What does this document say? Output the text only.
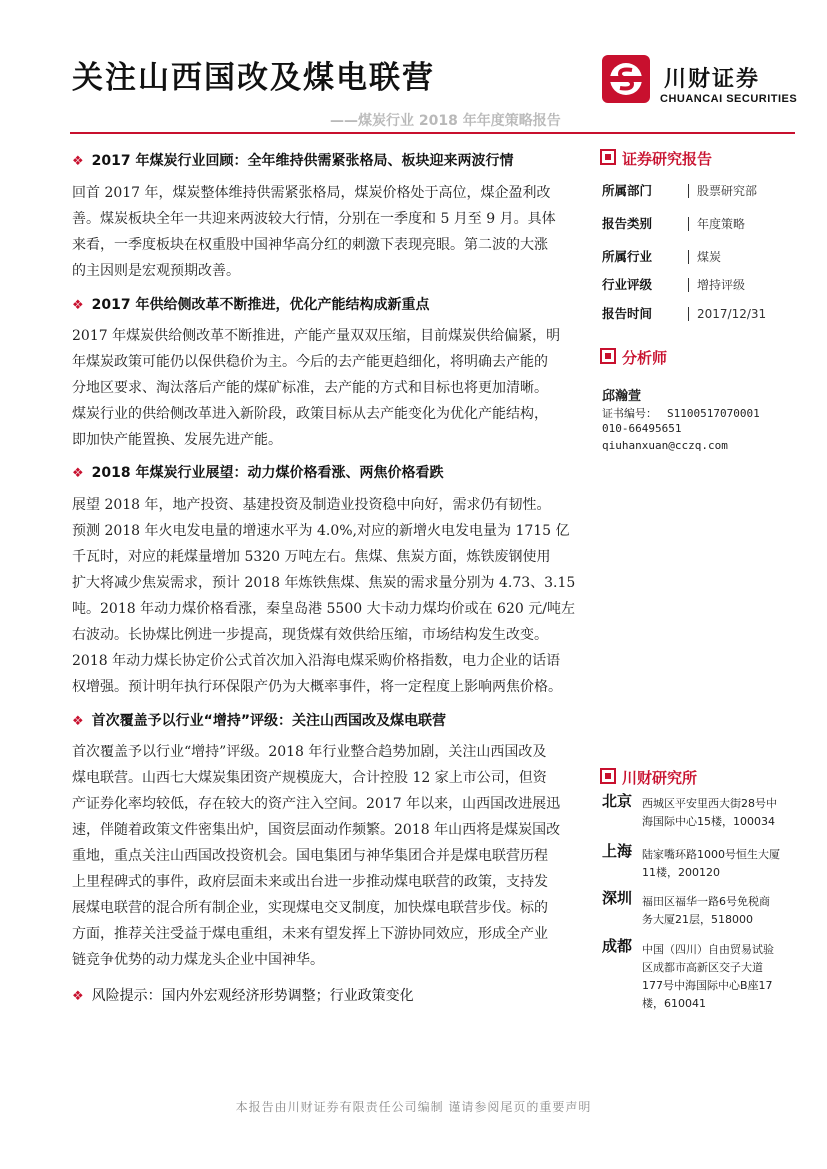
关注山西国改及煤电联营
——煤炭行业 2018 年年度策略报告
川财证券
CHUANCAI SECURITIES
❖ 2017 年煤炭行业回顾：全年维持供需紧张格局、板块迎来两波行情
回首 2017 年，煤炭整体维持供需紧张格局，煤炭价格处于高位，煤企盈利改
善。煤炭板块全年一共迎来两波较大行情，分别在一季度和 5 月至 9 月。具体
来看，一季度板块在权重股中国神华高分红的刺激下表现亮眼。第二波的大涨
的主因则是宏观预期改善。
❖ 2017 年供给侧改革不断推进，优化产能结构成新重点
2017 年煤炭供给侧改革不断推进，产能产量双双压缩，目前煤炭供给偏紧，明
年煤炭政策可能仍以保供稳价为主。今后的去产能更趋细化，将明确去产能的
分地区要求、淘汰落后产能的煤矿标准，去产能的方式和目标也将更加清晰。
煤炭行业的供给侧改革进入新阶段，政策目标从去产能变化为优化产能结构，
即加快产能置换、发展先进产能。
❖ 2018 年煤炭行业展望：动力煤价格看涨、两焦价格看跌
展望 2018 年，地产投资、基建投资及制造业投资稳中向好，需求仍有韧性。
预测 2018 年火电发电量的增速水平为 4.0%,对应的新增火电发电量为 1715 亿
千瓦时，对应的耗煤量增加 5320 万吨左右。焦煤、焦炭方面，炼铁废钢使用
扩大将减少焦炭需求，预计 2018 年炼铁焦煤、焦炭的需求量分别为 4.73、3.15
吨。2018 年动力煤价格看涨，秦皇岛港 5500 大卡动力煤均价或在 620 元/吨左
右波动。长协煤比例进一步提高，现货煤有效供给压缩，市场结构发生改变。
2018 年动力煤长协定价公式首次加入沿海电煤采购价格指数，电力企业的话语
权增强。预计明年执行环保限产仍为大概率事件，将一定程度上影响两焦价格。
❖ 首次覆盖予以行业“增持”评级：关注山西国改及煤电联营
首次覆盖予以行业“增持”评级。2018 年行业整合趋势加剧，关注山西国改及
煤电联营。山西七大煤炭集团资产规模庞大，合计控股 12 家上市公司，但资
产证券化率均较低，存在较大的资产注入空间。2017 年以来，山西国改进展迅
速，伴随着政策文件密集出炉，国资层面动作频繁。2018 年山西将是煤炭国改
重地，重点关注山西国改投资机会。国电集团与神华集团合并是煤电联营历程
上里程碑式的事件，政府层面未来或出台进一步推动煤电联营的政策，支持发
展煤电联营的混合所有制企业，实现煤电交叉制度，加快煤电联营步伐。标的
方面，推荐关注受益于煤电重组，未来有望发挥上下游协同效应，形成全产业
链竞争优势的动力煤龙头企业中国神华。
❖ 风险提示：国内外宏观经济形势调整；行业政策变化
证券研究报告
所属部门	股票研究部
报告类别	年度策略
所属行业	煤炭
行业评级	增持评级
报告时间	2017/12/31
分析师
邱瀚萱
证书编号： S1100517070001
010-66495651
qiuhanxuan@cczq.com
川财研究所
北京 西城区平安里西大街28号中
海国际中心15楼，100034
上海 陆家嘴环路1000号恒生大厦
11楼，200120
深圳 福田区福华一路6号免税商
务大厦21层，518000
成都 中国（四川）自由贸易试验
区成都市高新区交子大道
177号中海国际中心B座17
楼，610041
本报告由川财证券有限责任公司编制 谨请参阅尾页的重要声明
